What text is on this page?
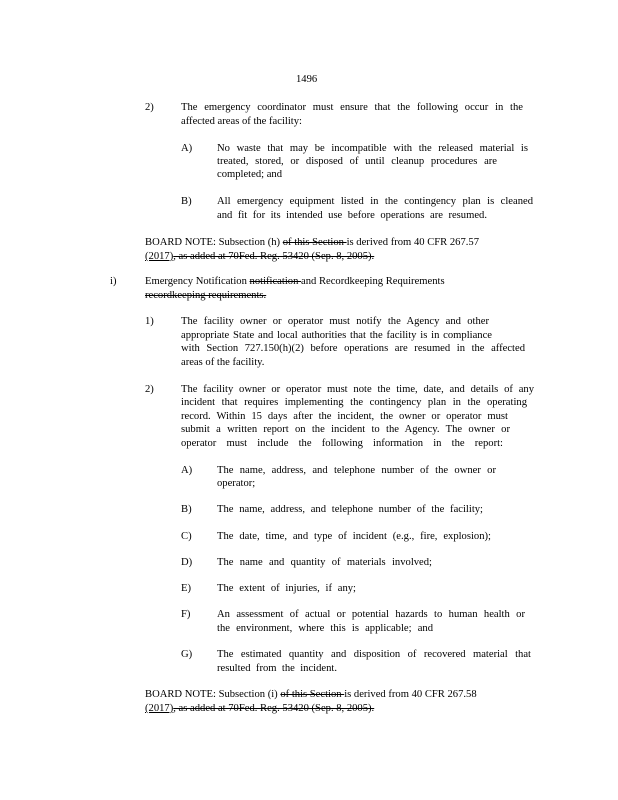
1496
2)	The emergency coordinator must ensure that the following occur in the
affected areas of the facility:
A) No waste that may be incompatible with the released material is
treated, stored, or disposed of until cleanup procedures are
completed; and
B) All emergency equipment listed in the contingency plan is cleaned
and fit for its intended use before operations are resumed.
BOARD NOTE: Subsection (h) of this Section is derived from 40 CFR 267.57
(2017), as added at 70Fed. Reg. 53420 (Sep. 8, 2005).
i)	Emergency Notification notification and Recordkeeping Requirements
recordkeeping requirements.
1)	The facility owner or operator must notify the Agency and other
appropriate State and local authorities that the facility is in compliance
with Section 727.150(h)(2) before operations are resumed in the affected
areas of the facility.
2)	The facility owner or operator must note the time, date, and details of any
incident that requires implementing the contingency plan in the operating
record. Within 15 days after the incident, the owner or operator must
submit a written report on the incident to the Agency. The owner or
operator must include the following information in the report:
A) The name, address, and telephone number of the owner or
operator;
B) The name, address, and telephone number of the facility;
C) The date, time, and type of incident (e.g., fire, explosion);
D) The name and quantity of materials involved;
E) The extent of injuries, if any;
F)	An assessment of actual or potential hazards to human health or
the environment, where this is applicable; and
G) The estimated quantity and disposition of recovered material that
resulted from the incident.
BOARD NOTE: Subsection (i) of this Section is derived from 40 CFR 267.58
(2017), as added at 70Fed. Reg. 53420 (Sep. 8, 2005).
